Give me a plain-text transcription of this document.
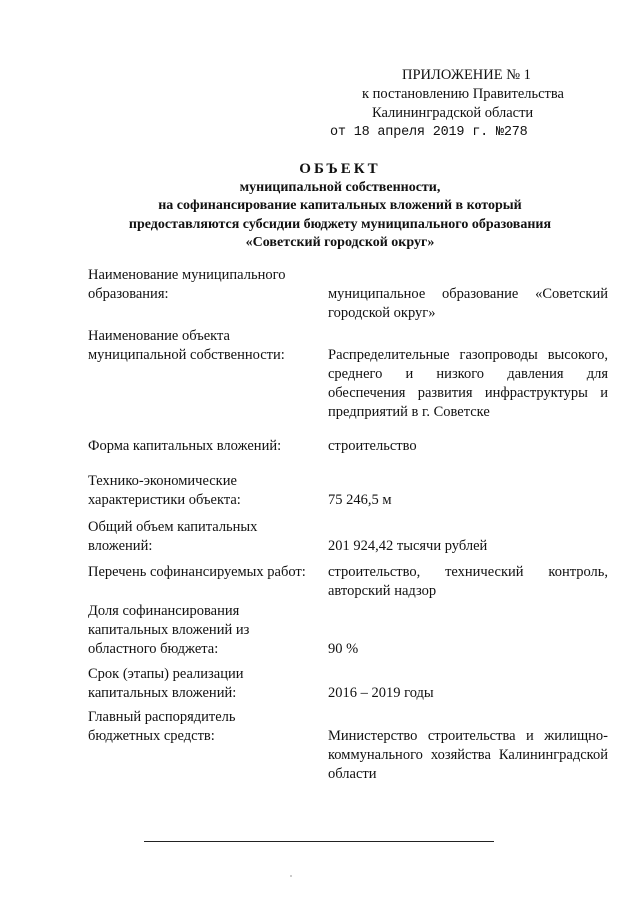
ПРИЛОЖЕНИЕ № 1
к постановлению Правительства
Калининградской области
от 18 апреля 2019 г. №278
ОБЪЕКТ
муниципальной собственности,
на софинансирование капитальных вложений в который
предоставляются субсидии бюджету муниципального образования
«Советский городской округ»
Наименование муниципального
образования:	муниципальное образование «Советский городской округ»
Наименование объекта
муниципальной собственности:	Распределительные газопроводы высокого, среднего и низкого давления для обеспечения развития инфраструктуры и предприятий в г. Советске
Форма капитальных вложений:	строительство
Технико-экономические
характеристики объекта:	75 246,5 м
Общий объем капитальных
вложений:	201 924,42 тысячи рублей
Перечень софинансируемых работ:	строительство, технический контроль, авторский надзор
Доля софинансирования
капитальных вложений из
областного бюджета:	90 %
Срок (этапы) реализации
капитальных вложений:	2016 – 2019 годы
Главный распорядитель
бюджетных средств:	Министерство строительства и жилищно-коммунального хозяйства Калининградской области
